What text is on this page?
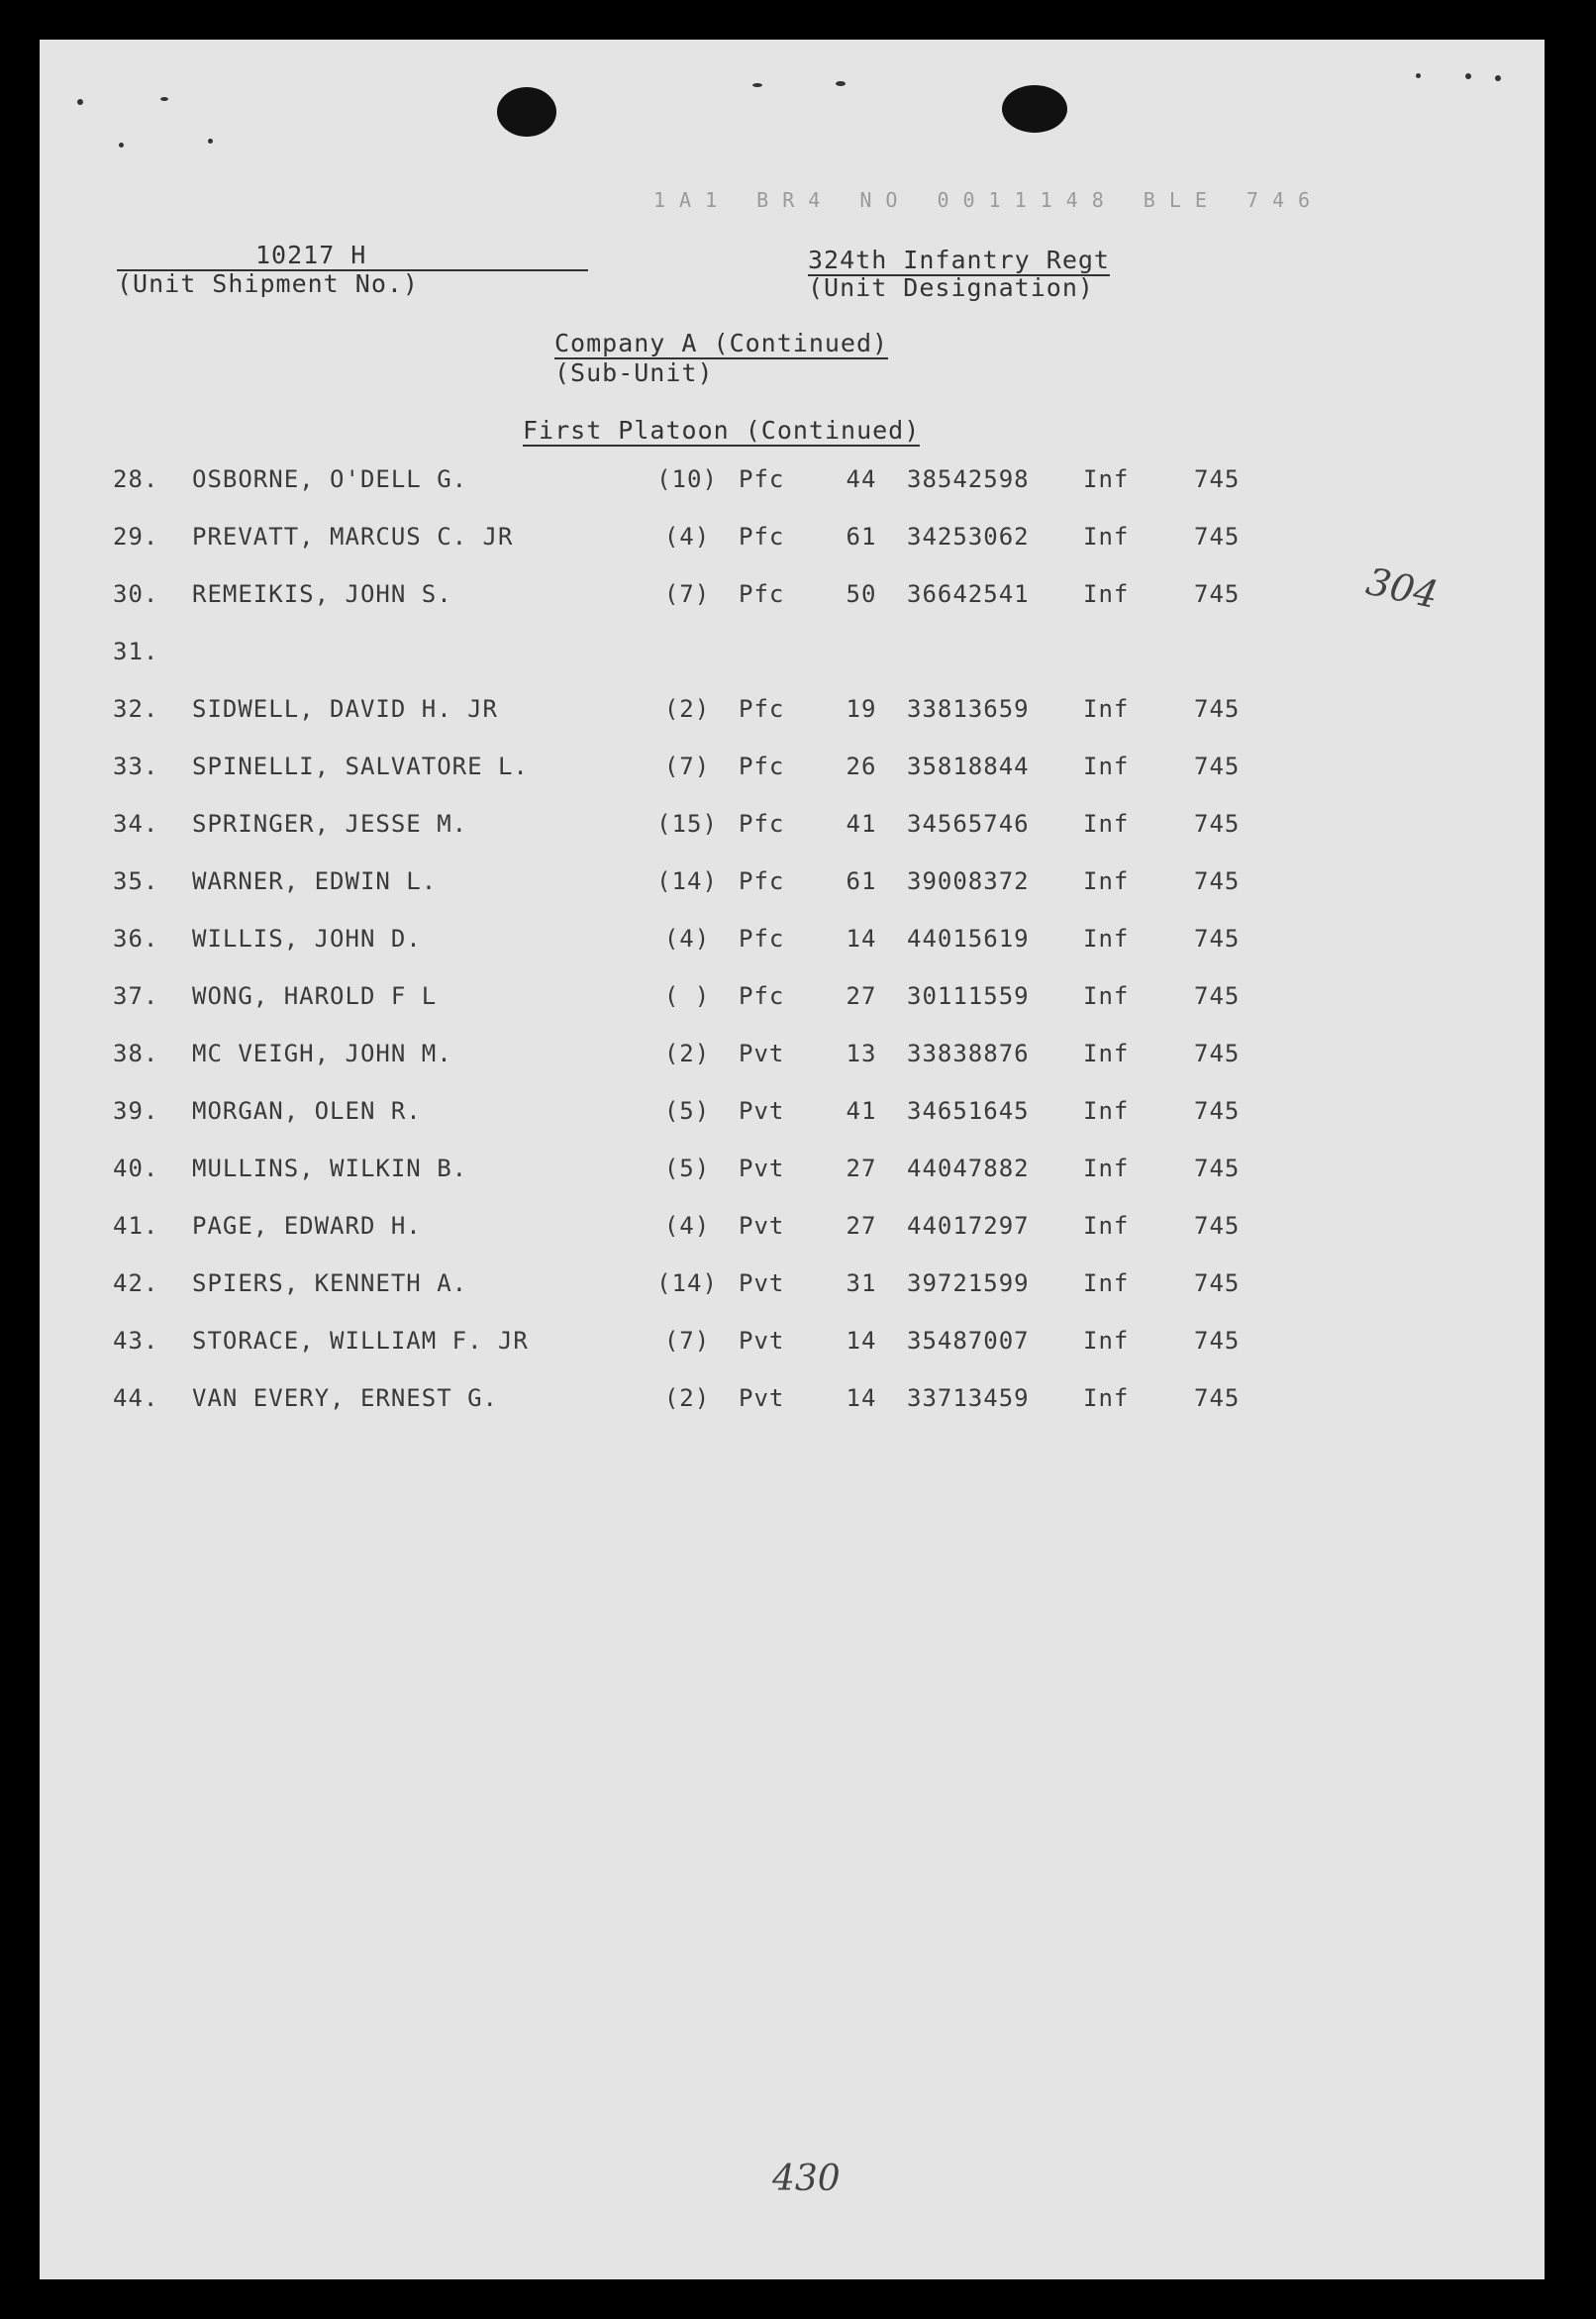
1A1 BR4 NO 0011148 BLE 746
10217 H
(Unit Shipment No.)
324th Infantry Regt
(Unit Designation)
Company A (Continued)
(Sub-Unit)
First Platoon (Continued)
28. OSBORNE, O'DELL G.	(10) Pfc	44	38542598 Inf	745
29. PREVATT, MARCUS C. JR	(4)	Pfc	61	34253062 Inf	745
30. REMEIKIS, JOHN S.	(7)	Pfc	50	36642541 Inf	745
31.
32. SIDWELL, DAVID H. JR	(2)	Pfc	19	33813659 Inf	745
33. SPINELLI, SALVATORE L.	(7)	Pfc	26	35818844 Inf	745
34. SPRINGER, JESSE M.	(15) Pfc	41	34565746 Inf	745
35. WARNER, EDWIN L.	(14) Pfc	61	39008372 Inf	745
36. WILLIS, JOHN D.	(4)	Pfc	14	44015619 Inf	745
37. WONG, HAROLD F L	( )	Pfc	27	30111559 Inf	745
38. MC VEIGH, JOHN M.	(2)	Pvt	13	33838876 Inf	745
39. MORGAN, OLEN R.	(5)	Pvt	41	34651645 Inf	745
40. MULLINS, WILKIN B.	(5)	Pvt	27	44047882 Inf	745
41. PAGE, EDWARD H.	(4)	Pvt	27	44017297 Inf	745
42. SPIERS, KENNETH A.	(14) Pvt	31	39721599 Inf	745
43. STORACE, WILLIAM F. JR	(7)	Pvt	14	35487007 Inf	745
44. VAN EVERY, ERNEST G.	(2)	Pvt	14	33713459 Inf	745
304
430
